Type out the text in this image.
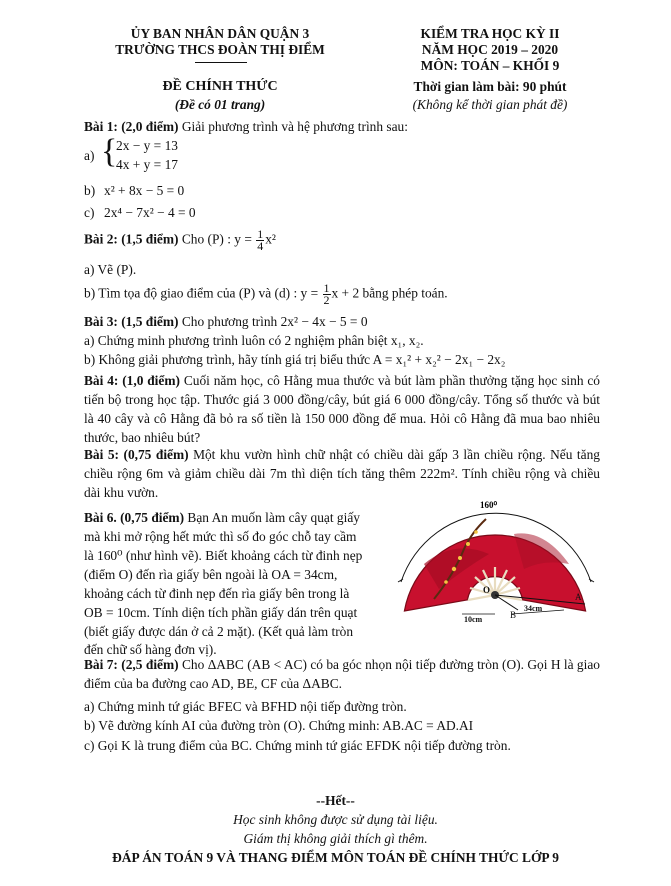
ỦY BAN NHÂN DÂN QUẬN 3
TRƯỜNG THCS ĐOÀN THỊ ĐIỂM
KIỂM TRA HỌC KỲ II
NĂM HỌC 2019 – 2020
MÔN: TOÁN – KHỐI 9
ĐỀ CHÍNH THỨC
(Đề có 01 trang)
Thời gian làm bài: 90 phút
(Không kể thời gian phát đề)
Bài 1: (2,0 điểm) Giải phương trình và hệ phương trình sau:
a) {
2x − y = 13
4x + y = 17
b) x² + 8x − 5 = 0
c) 2x⁴ − 7x² − 4 = 0
Bài 2: (1,5 điểm) Cho (P) : $y = \frac{1}{4} x^2$
a) Vẽ (P).
b) Tìm tọa độ giao điểm của (P) và (d) : $y = \frac{1}{2}$ x + 2 bằng phép toán.
Bài 3: (1,5 điểm) Cho phương trình 2x² − 4x − 5 = 0
a) Chứng minh phương trình luôn có 2 nghiệm phân biệt x₁, x₂.
b) Không giải phương trình, hãy tính giá trị biểu thức A = x₁² + x₂² − 2x₁ − 2x₂
Bài 4: (1,0 điểm) Cuối năm học, cô Hằng mua thước và bút làm phần thưởng tặng học sinh có tiến bộ trong học tập. Thước giá 3 000 đồng/cây, bút giá 6 000 đồng/cây. Tổng số thước và bút là 40 cây và cô Hằng đã bỏ ra số tiền là 150 000 đồng để mua. Hỏi cô Hằng đã mua bao nhiêu thước, bao nhiêu bút?
Bài 5: (0,75 điểm) Một khu vườn hình chữ nhật có chiều dài gấp 3 lần chiều rộng. Nếu tăng chiều rộng 6m và giảm chiều dài 7m thì diện tích tăng thêm 222m². Tính chiều rộng và chiều dài khu vườn.
Bài 6. (0,75 điểm) Bạn An muốn làm cây quạt giấy
mà khi mở rộng hết mức thì số đo góc chỗ tay cầm
là 160⁰ (như hình vẽ). Biết khoảng cách từ đinh nẹp
(điểm O) đến rìa giấy bên ngoài là OA = 34cm,
khoảng cách từ đinh nẹp đến rìa giấy bên trong là
OB = 10cm. Tính diện tích phần giấy dán trên quạt
(biết giấy được dán ở cả 2 mặt). (Kết quả làm tròn
đến chữ số hàng đơn vị).
160⁰
O
A
B
10cm
34cm
Bài 7: (2,5 điểm) Cho ΔABC (AB < AC) có ba góc nhọn nội tiếp đường tròn (O). Gọi H là giao điểm của ba đường cao AD, BE, CF của ΔABC.
a) Chứng minh tứ giác BFEC và BFHD nội tiếp đường tròn.
b) Vẽ đường kính AI của đường tròn (O). Chứng minh: AB.AC = AD.AI
c) Gọi K là trung điểm của BC. Chứng minh tứ giác EFDK nội tiếp đường tròn.
--Hết--
Học sinh không được sử dụng tài liệu.
Giám thị không giải thích gì thêm.
ĐÁP ÁN TOÁN 9 VÀ THANG ĐIỂM MÔN TOÁN ĐỀ CHÍNH THỨC LỚP 9
